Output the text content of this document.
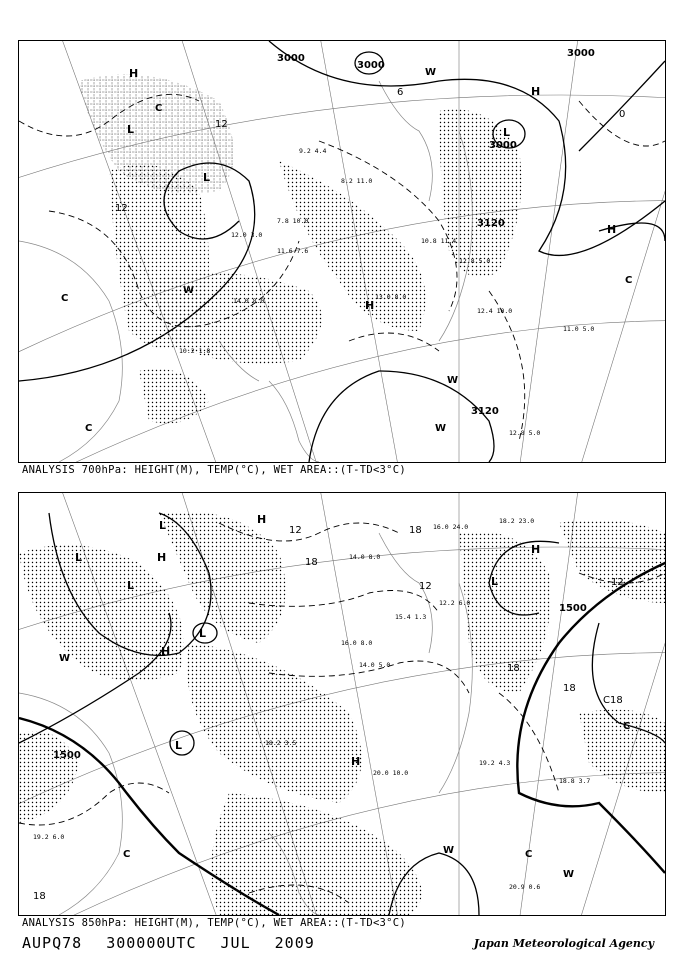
3000
3000
3000
3000
3120
3120
H
L
L
H
H
L
H
C
C
C
C
W
W
W
W
12
12
6
0
9.2 4.4
8.2 11.0
7.8 10.0
12.0 3.0
11.6 7.6
12.8 5.0
10.8 11.4
12.4 10.0
11.0 5.0
12.8 5.0
10.2 1.8
14.0 8.0	13.0 8.0
ANALYSIS 700hPa: HEIGHT(M), TEMP(°C), WET AREA::(T-TD<3°C)
1500
1500
L
H
L
L
H
L
H
L
H
L
H
C
C
C
W
W
W
12	18
18
12
18
C18
12
18
18
16.0 24.0
18.2 23.0
14.0 8.0
12.2 6.0
15.4 1.3
16.0 8.0
14.0 5.0
19.2 4.3
18.8 3.7
20.0 10.0
20.9 0.6
19.2 6.0
18.2 3.5
ANALYSIS 850hPa: HEIGHT(M), TEMP(°C), WET AREA::(T-TD<3°C)
AUPQ78 300000UTC JUL 2009	Japan Meteorological Agency
